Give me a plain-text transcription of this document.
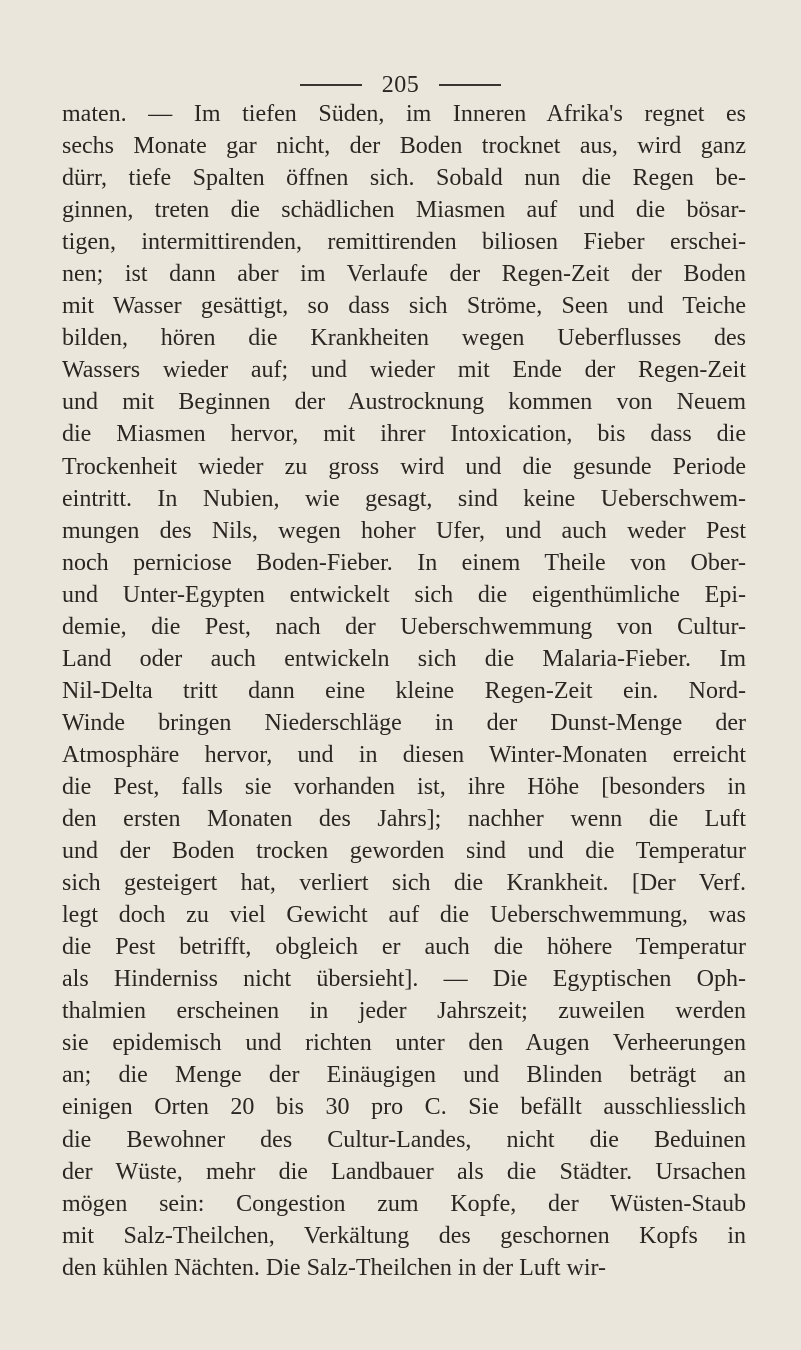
205
maten. — Im tiefen Süden, im Inneren Afrika's regnet es
sechs Monate gar nicht, der Boden trocknet aus, wird ganz
dürr, tiefe Spalten öffnen sich. Sobald nun die Regen be-
ginnen, treten die schädlichen Miasmen auf und die bösar-
tigen, intermittirenden, remittirenden biliosen Fieber erschei-
nen; ist dann aber im Verlaufe der Regen-Zeit der Boden
mit Wasser gesättigt, so dass sich Ströme, Seen und Teiche
bilden, hören die Krankheiten wegen Ueberflusses des
Wassers wieder auf; und wieder mit Ende der Regen-Zeit
und mit Beginnen der Austrocknung kommen von Neuem
die Miasmen hervor, mit ihrer Intoxication, bis dass die
Trockenheit wieder zu gross wird und die gesunde Periode
eintritt. In Nubien, wie gesagt, sind keine Ueberschwem-
mungen des Nils, wegen hoher Ufer, und auch weder Pest
noch perniciose Boden-Fieber. In einem Theile von Ober-
und Unter-Egypten entwickelt sich die eigenthümliche Epi-
demie, die Pest, nach der Ueberschwemmung von Cultur-
Land oder auch entwickeln sich die Malaria-Fieber. Im
Nil-Delta tritt dann eine kleine Regen-Zeit ein. Nord-
Winde bringen Niederschläge in der Dunst-Menge der
Atmosphäre hervor, und in diesen Winter-Monaten erreicht
die Pest, falls sie vorhanden ist, ihre Höhe [besonders in
den ersten Monaten des Jahrs]; nachher wenn die Luft
und der Boden trocken geworden sind und die Temperatur
sich gesteigert hat, verliert sich die Krankheit. [Der Verf.
legt doch zu viel Gewicht auf die Ueberschwemmung, was
die Pest betrifft, obgleich er auch die höhere Temperatur
als Hinderniss nicht übersieht]. — Die Egyptischen Oph-
thalmien erscheinen in jeder Jahrszeit; zuweilen werden
sie epidemisch und richten unter den Augen Verheerungen
an; die Menge der Einäugigen und Blinden beträgt an
einigen Orten 20 bis 30 pro C. Sie befällt ausschliesslich
die Bewohner des Cultur-Landes, nicht die Beduinen
der Wüste, mehr die Landbauer als die Städter. Ursachen
mögen sein: Congestion zum Kopfe, der Wüsten-Staub
mit Salz-Theilchen, Verkältung des geschornen Kopfs in
den kühlen Nächten. Die Salz-Theilchen in der Luft wir-
